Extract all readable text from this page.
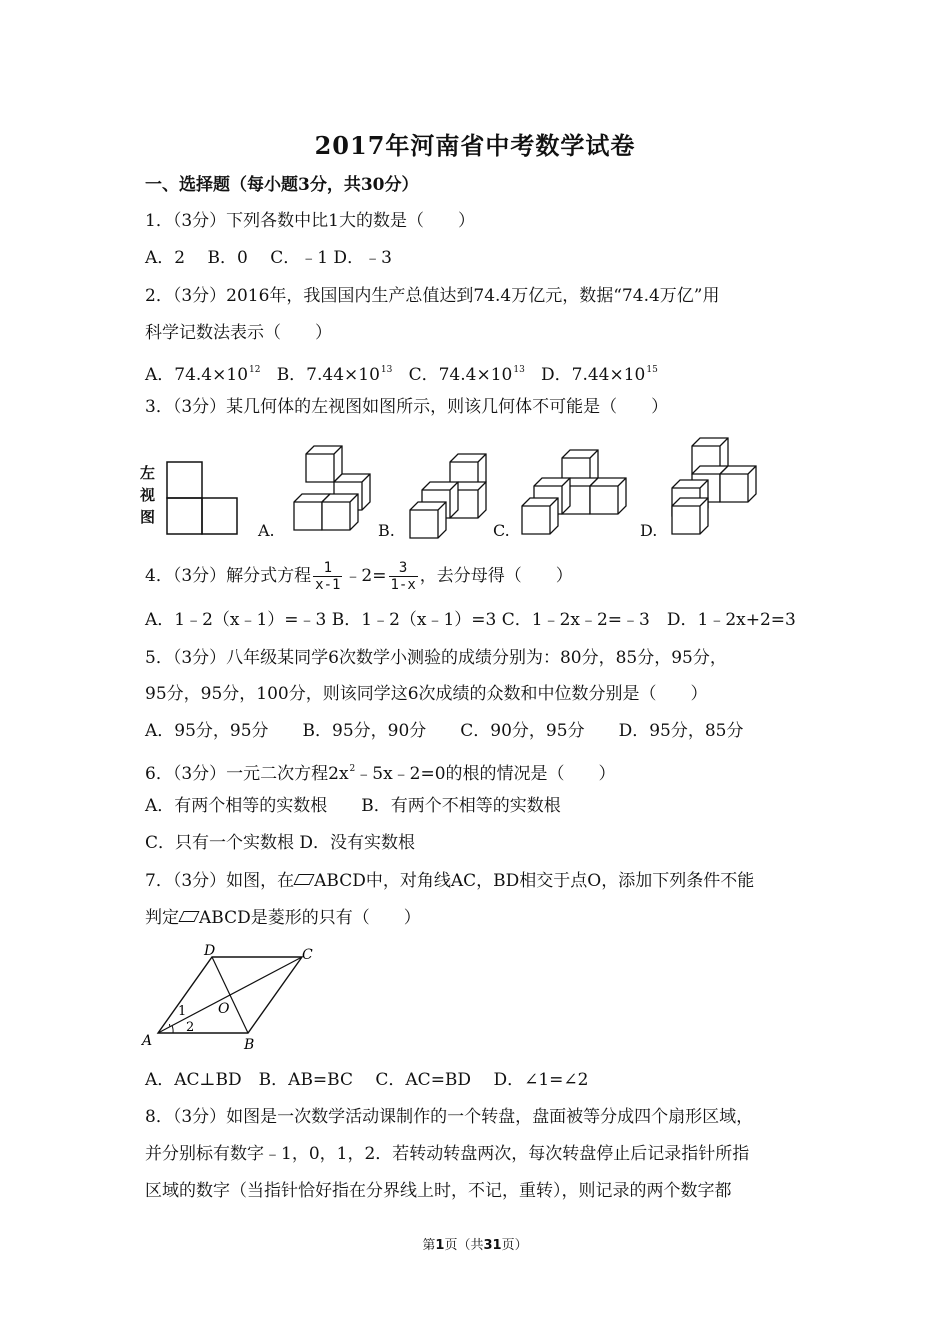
2017年河南省中考数学试卷
一、选择题（每小题3分，共30分）
1．（3分）下列各数中比1大的数是（　　）
A．2　 B．0　 C．﹣1 D．﹣3
2．（3分）2016年，我国国内生产总值达到74.4万亿元，数据“74.4万亿”用
科学记数法表示（　　）
A．$74.4\times 10^{12}$ B．$7.44\times 10^{13}$ C．$74.4\times 10^{13}$ D．$7.44\times 10^{15}$
3．（3分）某几何体的左视图如图所示，则该几何体不可能是（　　）
左
视
图
A.	B.	C.	D.
4．（3分）解分式方程 $\frac{1}{x-1}$ ﹣2= $\frac{3}{1-x}$ ，去分母得（　　）
A．1﹣2（x﹣1）=﹣3 B．1﹣2（x﹣1）=3 C．1﹣2x﹣2=﹣3　D．1﹣2x+2=3
5．（3分）八年级某同学6次数学小测验的成绩分别为：80分，85分，95分，
95分，95分，100分，则该同学这6次成绩的众数和中位数分别是（　　）
A．95分，95分　　B．95分，90分　　C．90分，95分　　D．95分，85分
6．（3分）一元二次方程$2x^2﹣5x﹣2=0$的根的情况是（　　）
A．有两个相等的实数根　　B．有两个不相等的实数根
C．只有一个实数根 D．没有实数根
7．（3分）如图，在 ABCD中，对角线AC，BD相交于点O，添加下列条件不能
判定 ABCD是菱形的只有（　　）
A	B
C
D
O
1
2
A．AC⊥BD　B．AB=BC　 C．AC=BD　 D．∠1=∠2
8．（3分）如图是一次数学活动课制作的一个转盘，盘面被等分成四个扇形区域，
并分别标有数字﹣1，0，1，2．若转动转盘两次，每次转盘停止后记录指针所指
区域的数字（当指针恰好指在分界线上时，不记，重转），则记录的两个数字都
第1页（共31页）
